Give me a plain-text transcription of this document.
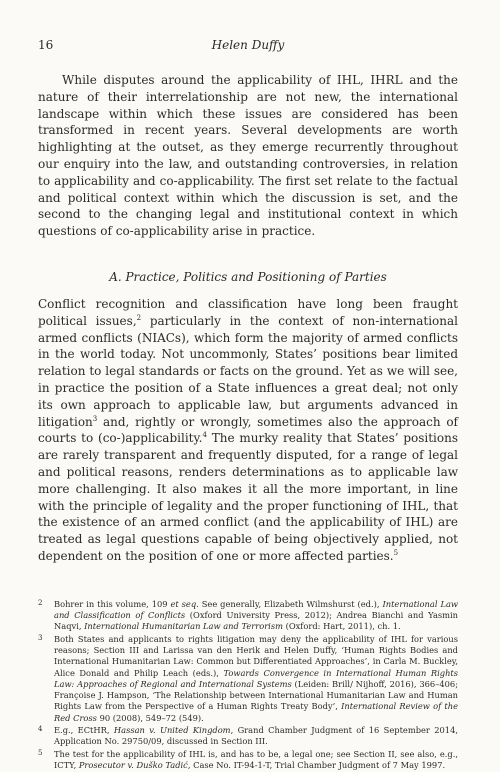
16	Helen Duffy

While disputes around the applicability of IHL, IHRL and the nature of their interrelationship are not new, the international landscape within which these issues are considered has been transformed in recent years. Several developments are worth highlighting at the outset, as they emerge recurrently throughout our enquiry into the law, and outstanding controversies, in relation to applicability and co-applicability. The first set relate to the factual and political context within which the discussion is set, and the second to the changing legal and institutional context in which questions of co-applicability arise in practice.

A. Practice, Politics and Positioning of Parties

Conflict recognition and classification have long been fraught political issues,$^2$ particularly in the context of non-international armed conflicts (NIACs), which form the majority of armed conflicts in the world today. Not uncommonly, States’ positions bear limited relation to legal standards or facts on the ground. Yet as we will see, in practice the position of a State influences a great deal; not only its own approach to applicable law, but arguments advanced in litigation$^3$ and, rightly or wrongly, sometimes also the approach of courts to (co-)applicability.$^4$ The murky reality that States’ positions are rarely transparent and frequently disputed, for a range of legal and political reasons, renders determinations as to applicable law more challenging. It also makes it all the more important, in line with the principle of legality and the proper functioning of IHL, that the existence of an armed conflict (and the applicability of IHL) are treated as legal questions capable of being objectively applied, not dependent on the position of one or more affected parties.$^5$

2 Bohrer in this volume, 109 et seq. See generally, Elizabeth Wilmshurst (ed.), International Law and Classification of Conflicts (Oxford University Press, 2012); Andrea Bianchi and Yasmin Naqvi, International Humanitarian Law and Terrorism (Oxford: Hart, 2011), ch. 1.
3 Both States and applicants to rights litigation may deny the applicability of IHL for various reasons; Section III and Larissa van den Herik and Helen Duffy, ‘Human Rights Bodies and International Humanitarian Law: Common but Differentiated Approaches’, in Carla M. Buckley, Alice Donald and Philip Leach (eds.), Towards Convergence in International Human Rights Law: Approaches of Regional and International Systems (Leiden: Brill/ Nijhoff, 2016), 366–406; Françoise J. Hampson, ‘The Relationship between International Humanitarian Law and Human Rights Law from the Perspective of a Human Rights Treaty Body’, International Review of the Red Cross 90 (2008), 549–72 (549).
4 E.g., ECtHR, Hassan v. United Kingdom, Grand Chamber Judgment of 16 September 2014, Application No. 29750/09, discussed in Section III.
5 The test for the applicability of IHL is, and has to be, a legal one; see Section II, see also, e.g., ICTY, Prosecutor v. Duško Tadić, Case No. IT-94-1-T, Trial Chamber Judgment of 7 May 1997.
